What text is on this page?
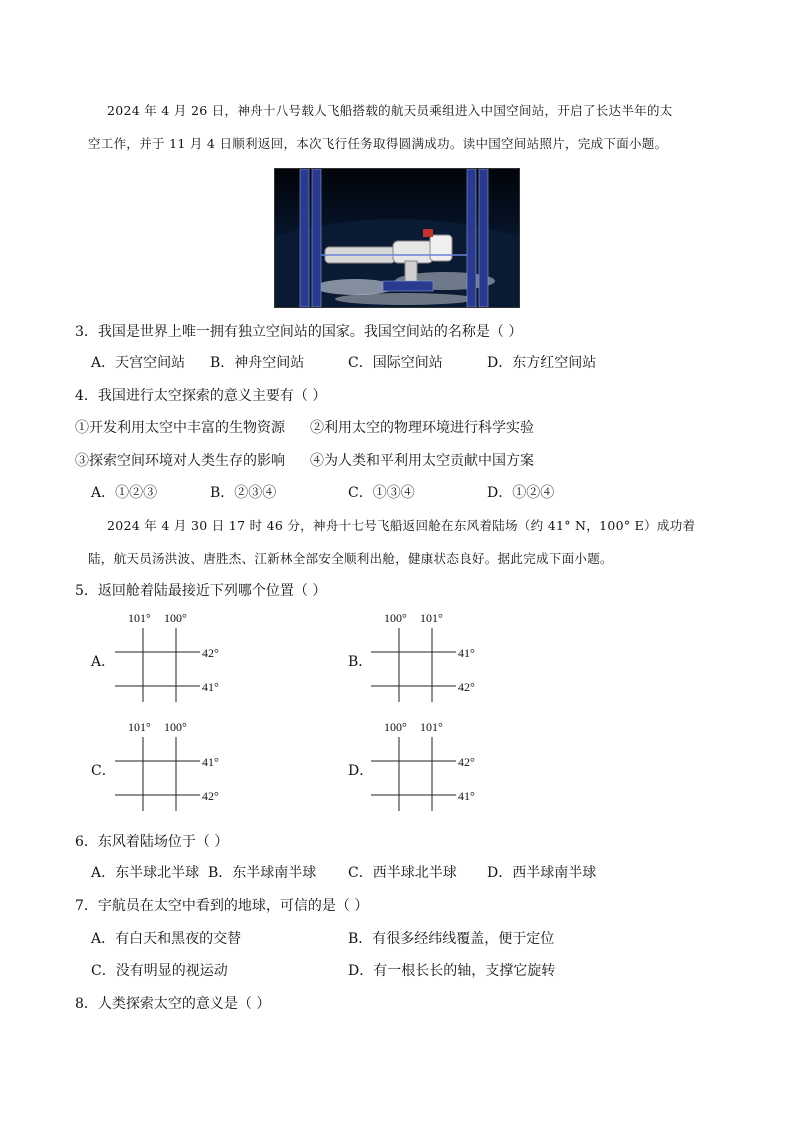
2024 年 4 月 26 日，神舟十八号载人飞船搭载的航天员乘组进入中国空间站，开启了长达半年的太
空工作，并于 11 月 4 日顺利返回，本次飞行任务取得圆满成功。读中国空间站照片，完成下面小题。
3．我国是世界上唯一拥有独立空间站的国家。我国空间站的名称是（ ）
A．天宫空间站 B．神舟空间站	C．国际空间站	D．东方红空间站
4．我国进行太空探索的意义主要有（ ）
①开发利用太空中丰富的生物资源 ②利用太空的物理环境进行科学实验
③探索空间环境对人类生存的影响 ④为人类和平利用太空贡献中国方案
A．①②③	B．②③④	C．①③④	D．①②④
2024 年 4 月 30 日 17 时 46 分，神舟十七号飞船返回舱在东风着陆场（约 41° N，100° E）成功着
陆，航天员汤洪波、唐胜杰、江新林全部安全顺利出舱，健康状态良好。据此完成下面小题。
5．返回舱着陆最接近下列哪个位置（ ）
A．
101° 100°
42°
41°
B．
100° 101°
41°
42°
C．
101° 100°
41°
42°
D．
100° 101°
42°
41°
6．东风着陆场位于（ ）
A．东半球北半球 B．东半球南半球 C．西半球北半球 D．西半球南半球
7．宇航员在太空中看到的地球，可信的是（ ）
A．有白天和黑夜的交替	B．有很多经纬线覆盖，便于定位
C．没有明显的视运动	D．有一根长长的轴，支撑它旋转
8．人类探索太空的意义是（ ）
